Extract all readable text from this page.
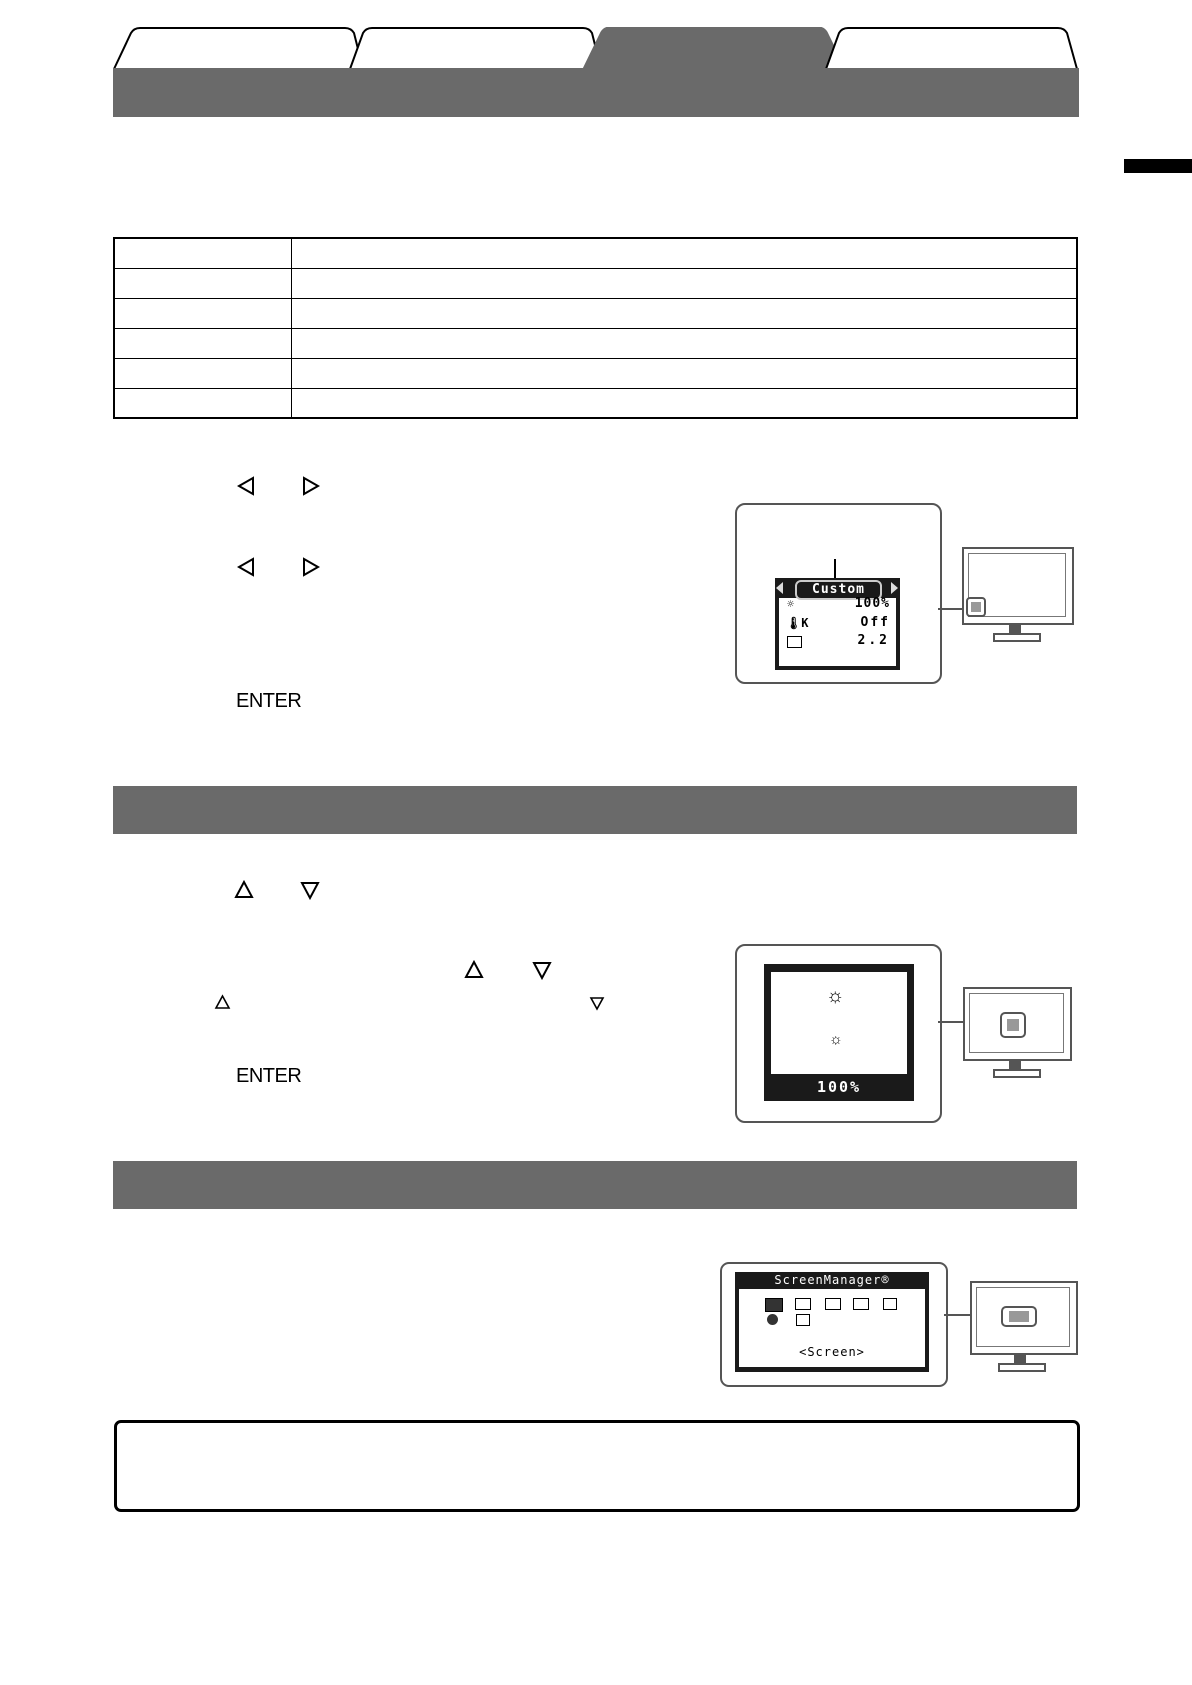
ENTER
Custom
☼	100%
🌡K	Off
2.2
ENTER
☼
☼
100%
ScreenManager®
<Screen>
